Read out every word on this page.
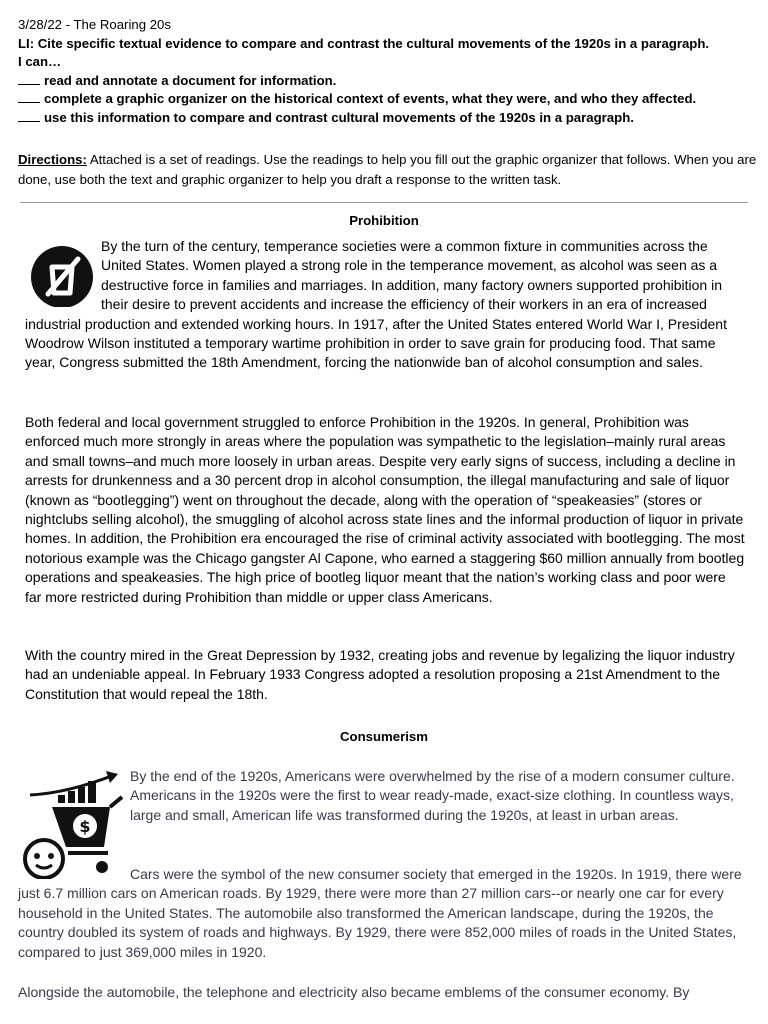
3/28/22 - The Roaring 20s
LI: Cite specific textual evidence to compare and contrast the cultural movements of the 1920s in a paragraph.
I can…
read and annotate a document for information.
complete a graphic organizer on the historical context of events, what they were, and who they affected.
use this information to compare and contrast cultural movements of the 1920s in a paragraph.
Directions: Attached is a set of readings. Use the readings to help you fill out the graphic organizer that follows. When you are done, use both the text and graphic organizer to help you draft a response to the written task.
Prohibition
By the turn of the century, temperance societies were a common fixture in communities across the United States. Women played a strong role in the temperance movement, as alcohol was seen as a destructive force in families and marriages. In addition, many factory owners supported prohibition in their desire to prevent accidents and increase the efficiency of their workers in an era of increased industrial production and extended working hours. In 1917, after the United States entered World War I, President Woodrow Wilson instituted a temporary wartime prohibition in order to save grain for producing food. That same year, Congress submitted the 18th Amendment, forcing the nationwide ban of alcohol consumption and sales.
Both federal and local government struggled to enforce Prohibition in the 1920s. In general, Prohibition was enforced much more strongly in areas where the population was sympathetic to the legislation–mainly rural areas and small towns–and much more loosely in urban areas. Despite very early signs of success, including a decline in arrests for drunkenness and a 30 percent drop in alcohol consumption, the illegal manufacturing and sale of liquor (known as “bootlegging”) went on throughout the decade, along with the operation of “speakeasies” (stores or nightclubs selling alcohol), the smuggling of alcohol across state lines and the informal production of liquor in private homes. In addition, the Prohibition era encouraged the rise of criminal activity associated with bootlegging. The most notorious example was the Chicago gangster Al Capone, who earned a staggering $60 million annually from bootleg operations and speakeasies. The high price of bootleg liquor meant that the nation’s working class and poor were far more restricted during Prohibition than middle or upper class Americans.
With the country mired in the Great Depression by 1932, creating jobs and revenue by legalizing the liquor industry had an undeniable appeal. In February 1933 Congress adopted a resolution proposing a 21st Amendment to the Constitution that would repeal the 18th.
Consumerism
$
By the end of the 1920s, Americans were overwhelmed by the rise of a modern consumer culture. Americans in the 1920s were the first to wear ready-made, exact-size clothing. In countless ways, large and small, American life was transformed during the 1920s, at least in urban areas.
Cars were the symbol of the new consumer society that emerged in the 1920s. In 1919, there were just 6.7 million cars on American roads. By 1929, there were more than 27 million cars--or nearly one car for every household in the United States. The automobile also transformed the American landscape, during the 1920s, the country doubled its system of roads and highways. By 1929, there were 852,000 miles of roads in the United States, compared to just 369,000 miles in 1920.
Alongside the automobile, the telephone and electricity also became emblems of the consumer economy. By
